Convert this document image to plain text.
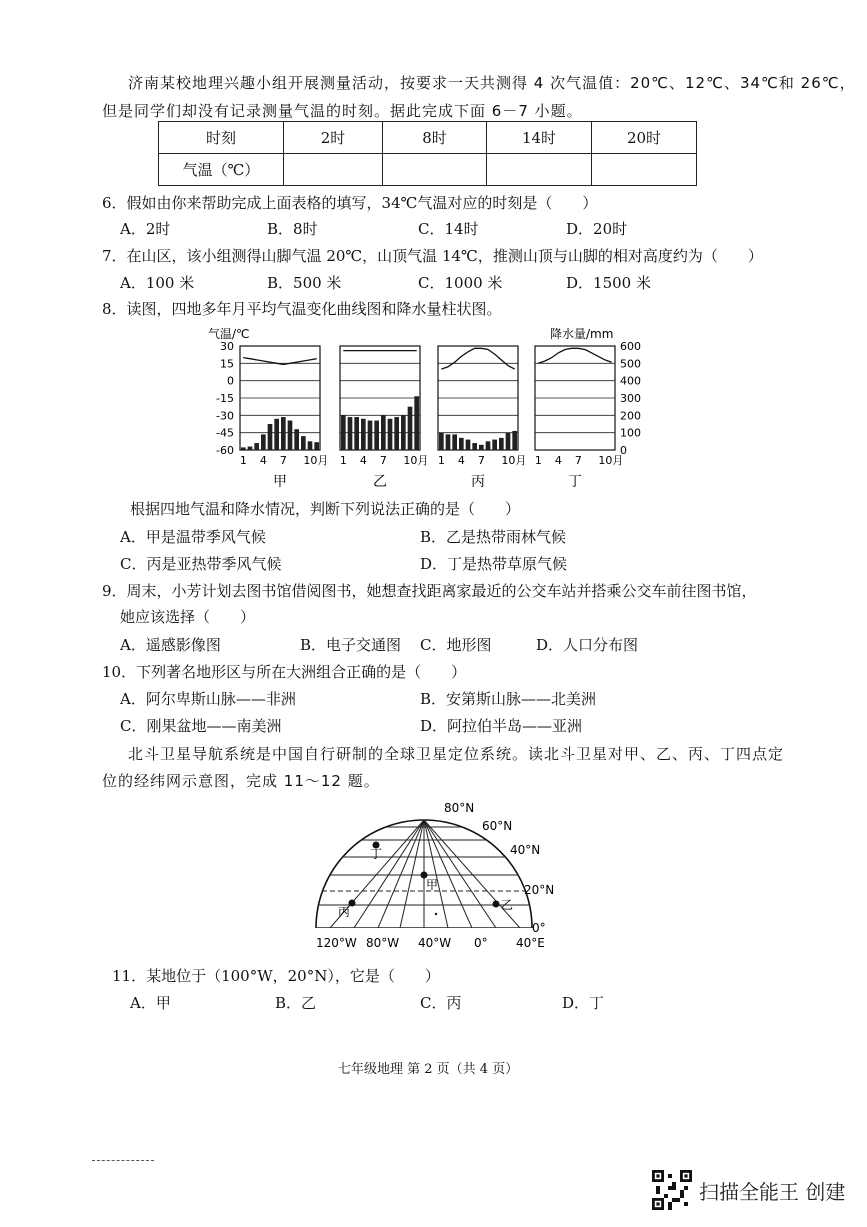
济南某校地理兴趣小组开展测量活动，按要求一天共测得 4 次气温值：20℃、12℃、34℃和 26℃，
但是同学们却没有记录测量气温的时刻。据此完成下面 6－7 小题。
时刻	2时	8时	14时	20时
气温（℃）				
6．假如由你来帮助完成上面表格的填写，34℃气温对应的时刻是（　　）
A．2时	B．8时	C．14时	D．20时
7．在山区，该小组测得山脚气温 20℃，山顶气温 14℃，推测山顶与山脚的相对高度约为（　　）
A．100 米	B．500 米	C．1000 米	D．1500 米
8．读图，四地多年月平均气温变化曲线图和降水量柱状图。
气温/℃	降水量/mm
30
15
0
-15
-30
-45
-60
600
500
400
300
200
100
0
1 4 7 10月
甲
1 4 7 10月
乙
1 4 7 10月
丙
1 4 7 10月
丁
根据四地气温和降水情况，判断下列说法正确的是（　　）
A．甲是温带季风气候	B．乙是热带雨林气候
C．丙是亚热带季风气候	D．丁是热带草原气候
9．周末，小芳计划去图书馆借阅图书，她想查找距离家最近的公交车站并搭乘公交车前往图书馆，
她应该选择（　　）
A．遥感影像图	B．电子交通图 C．地形图	D．人口分布图
10．下列著名地形区与所在大洲组合正确的是（　　）
A．阿尔卑斯山脉——非洲	B．安第斯山脉——北美洲
C．刚果盆地——南美洲	D．阿拉伯半岛——亚洲
北斗卫星导航系统是中国自行研制的全球卫星定位系统。读北斗卫星对甲、乙、丙、丁四点定
位的经纬网示意图，完成 11～12 题。
丁
甲
丙	乙
80°N
60°N
40°N
20°N
0°
120°W 80°W 40°W 0° 40°E
11．某地位于（100°W，20°N），它是（　　）
A．甲	B．乙	C．丙	D．丁
七年级地理 第 2 页（共 4 页）
扫描全能王 创建
